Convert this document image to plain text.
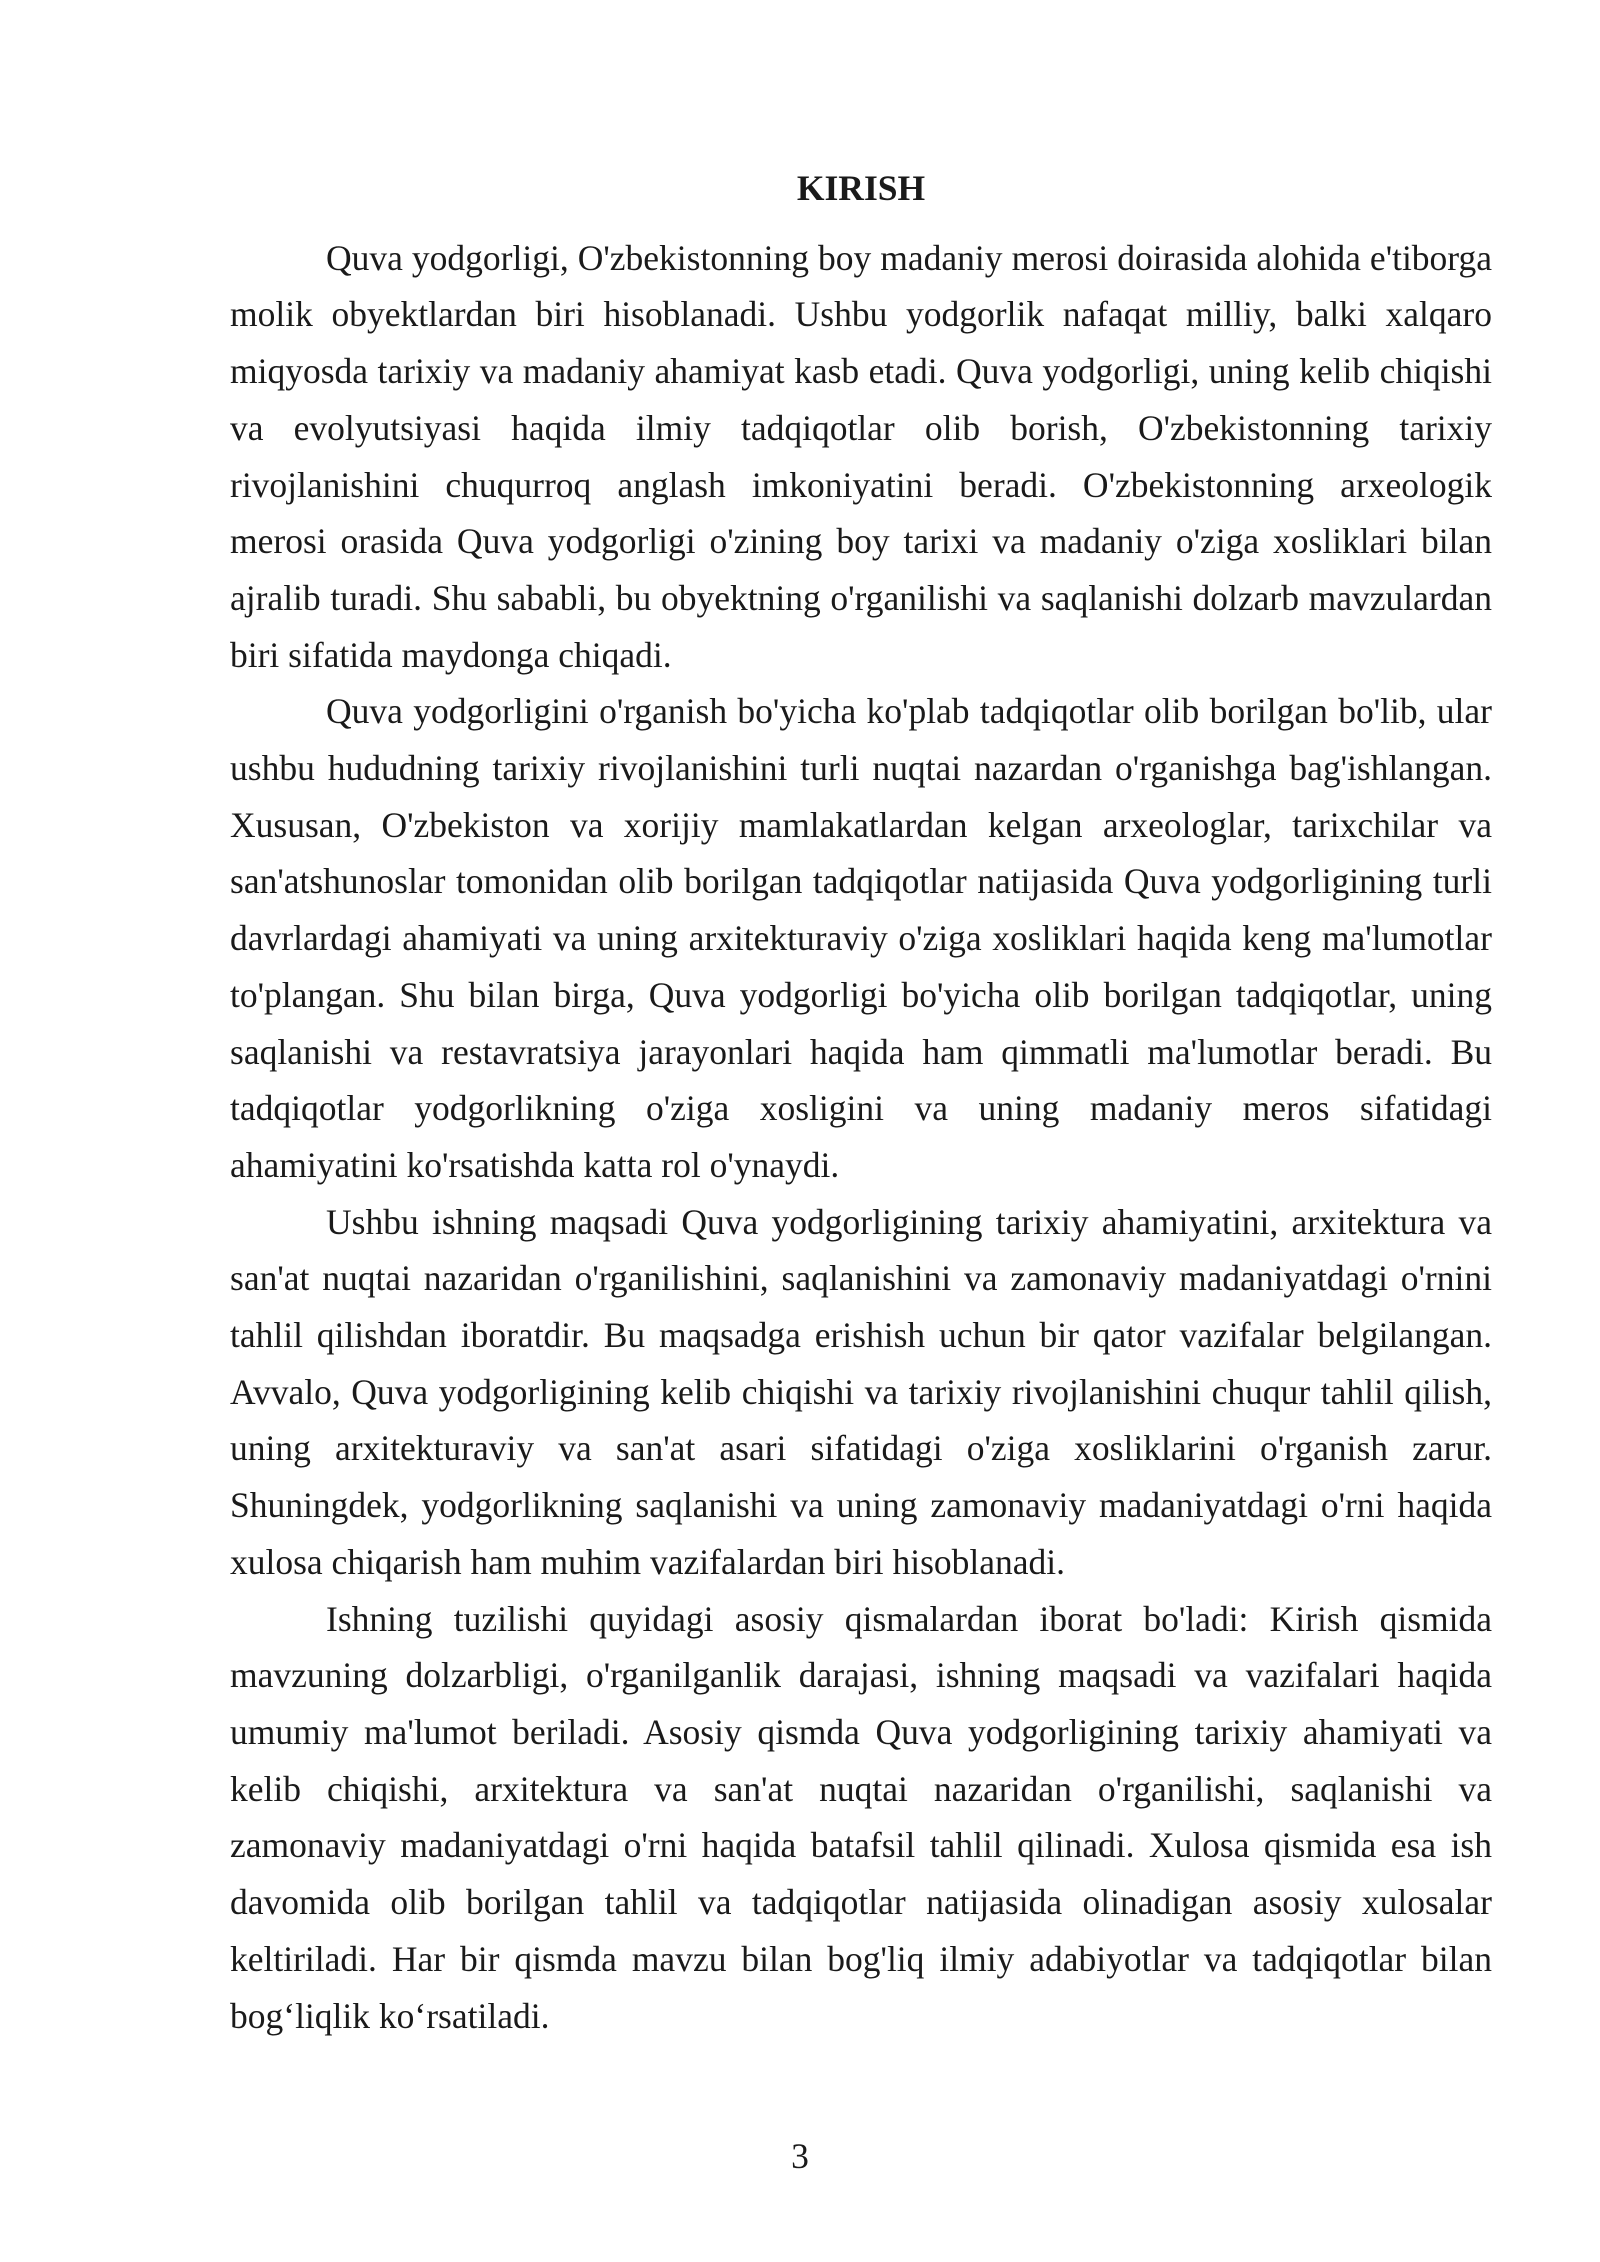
KIRISH

Quva yodgorligi, O'zbekistonning boy madaniy merosi doirasida alohida e'tiborga molik obyektlardan biri hisoblanadi. Ushbu yodgorlik nafaqat milliy, balki xalqaro miqyosda tarixiy va madaniy ahamiyat kasb etadi. Quva yodgorligi, uning kelib chiqishi va evolyutsiyasi haqida ilmiy tadqiqotlar olib borish, O'zbekistonning tarixiy rivojlanishini chuqurroq anglash imkoniyatini beradi. O'zbekistonning arxeologik merosi orasida Quva yodgorligi o'zining boy tarixi va madaniy o'ziga xosliklari bilan ajralib turadi. Shu sababli, bu obyektning o'rganilishi va saqlanishi dolzarb mavzulardan biri sifatida maydonga chiqadi.

Quva yodgorligini o'rganish bo'yicha ko'plab tadqiqotlar olib borilgan bo'lib, ular ushbu hududning tarixiy rivojlanishini turli nuqtai nazardan o'rganishga bag'ishlangan. Xususan, O'zbekiston va xorijiy mamlakatlardan kelgan arxeologlar, tarixchilar va san'atshunoslar tomonidan olib borilgan tadqiqotlar natijasida Quva yodgorligining turli davrlardagi ahamiyati va uning arxitekturaviy o'ziga xosliklari haqida keng ma'lumotlar to'plangan. Shu bilan birga, Quva yodgorligi bo'yicha olib borilgan tadqiqotlar, uning saqlanishi va restavratsiya jarayonlari haqida ham qimmatli ma'lumotlar beradi. Bu tadqiqotlar yodgorlikning o'ziga xosligini va uning madaniy meros sifatidagi ahamiyatini ko'rsatishda katta rol o'ynaydi.

Ushbu ishning maqsadi Quva yodgorligining tarixiy ahamiyatini, arxitektura va san'at nuqtai nazaridan o'rganilishini, saqlanishini va zamonaviy madaniyatdagi o'rnini tahlil qilishdan iboratdir. Bu maqsadga erishish uchun bir qator vazifalar belgilangan. Avvalo, Quva yodgorligining kelib chiqishi va tarixiy rivojlanishini chuqur tahlil qilish, uning arxitekturaviy va san'at asari sifatidagi o'ziga xosliklarini o'rganish zarur. Shuningdek, yodgorlikning saqlanishi va uning zamonaviy madaniyatdagi o'rni haqida xulosa chiqarish ham muhim vazifalardan biri hisoblanadi.

Ishning tuzilishi quyidagi asosiy qismalardan iborat bo'ladi: Kirish qismida mavzuning dolzarbligi, o'rganilganlik darajasi, ishning maqsadi va vazifalari haqida umumiy ma'lumot beriladi. Asosiy qismda Quva yodgorligining tarixiy ahamiyati va kelib chiqishi, arxitektura va san'at nuqtai nazaridan o'rganilishi, saqlanishi va zamonaviy madaniyatdagi o'rni haqida batafsil tahlil qilinadi. Xulosa qismida esa ish davomida olib borilgan tahlil va tadqiqotlar natijasida olinadigan asosiy xulosalar keltiriladi. Har bir qismda mavzu bilan bog'liq ilmiy adabiyotlar va tadqiqotlar bilan bog‘liqlik ko‘rsatiladi.

3
